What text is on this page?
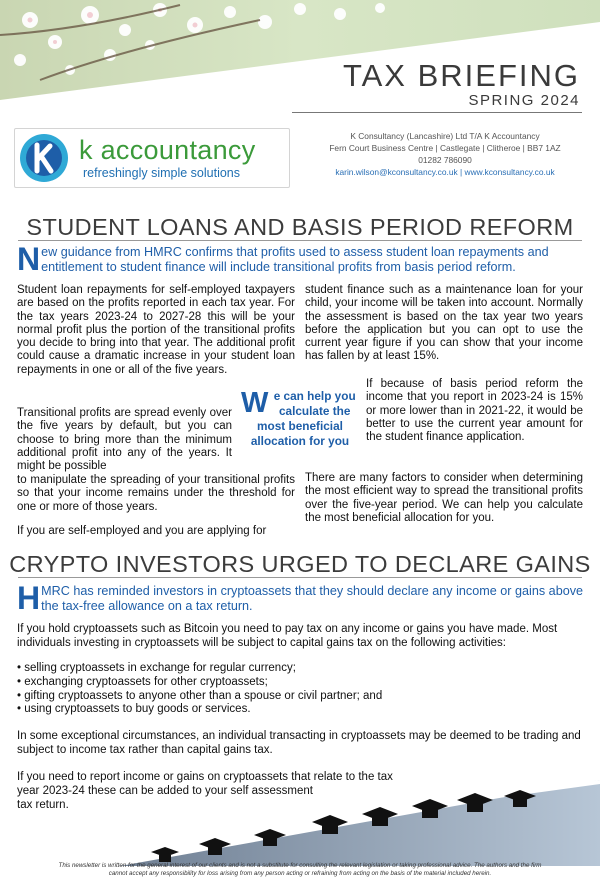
TAX BRIEFING
SPRING 2024
k accountancy
refreshingly simple solutions
K Consultancy (Lancashire) Ltd T/A K Accountancy
Fern Court Business Centre | Castlegate | Clitheroe | BB7 1AZ
01282 786090
karin.wilson@kconsultancy.co.uk | www.kconsultancy.co.uk
STUDENT LOANS AND BASIS PERIOD REFORM
N ew guidance from HMRC confirms that profits used to assess student loan repayments and entitlement to student finance will include transitional profits from basis period reform.

Student loan repayments for self-employed taxpayers are based on the profits reported in each tax year. For the tax years 2023-24 to 2027-28 this will be your normal profit plus the portion of the transitional profits you decide to bring into that year. The additional profit could cause a dramatic increase in your student loan repayments in one or all of the five years.

Transitional profits are spread evenly over the five years by default, but you can choose to bring more than the minimum additional profit into any of the years. It might be possible

to manipulate the spreading of your transitional profits so that your income remains under the threshold for one or more of those years.

If you are self-employed and you are applying for

W e can help you calculate the most beneficial allocation for you

student finance such as a maintenance loan for your child, your income will be taken into account. Normally the assessment is based on the tax year two years before the application but you can opt to use the current year figure if you can show that your income has fallen by at least 15%.

If because of basis period reform the income that you report in 2023-24 is 15% or more lower than in 2021-22, it would be better to use the current year amount for the student finance application.

There are many factors to consider when determining the most efficient way to spread the transitional profits over the five-year period. We can help you calculate the most beneficial allocation for you.

CRYPTO INVESTORS URGED TO DECLARE GAINS
H MRC has reminded investors in cryptoassets that they should declare any income or gains above the tax-free allowance on a tax return.
If you hold cryptoassets such as Bitcoin you need to pay tax on any income or gains you have made. Most individuals investing in cryptoassets will be subject to capital gains tax on the following activities:
• selling cryptoassets in exchange for regular currency;
• exchanging cryptoassets for other cryptoassets;
• gifting cryptoassets to anyone other than a spouse or civil partner; and
• using cryptoassets to buy goods or services.
In some exceptional circumstances, an individual transacting in cryptoassets may be deemed to be trading and subject to income tax rather than capital gains tax.
If you need to report income or gains on cryptoassets that relate to the tax
year 2023-24 these can be added to your self assessment
tax return.
This newsletter is written for the general interest of our clients and is not a substitute for consulting the relevant legislation or taking professional advice. The authors and the firm
cannot accept any responsibility for loss arising from any person acting or refraining from acting on the basis of the material included herein.
